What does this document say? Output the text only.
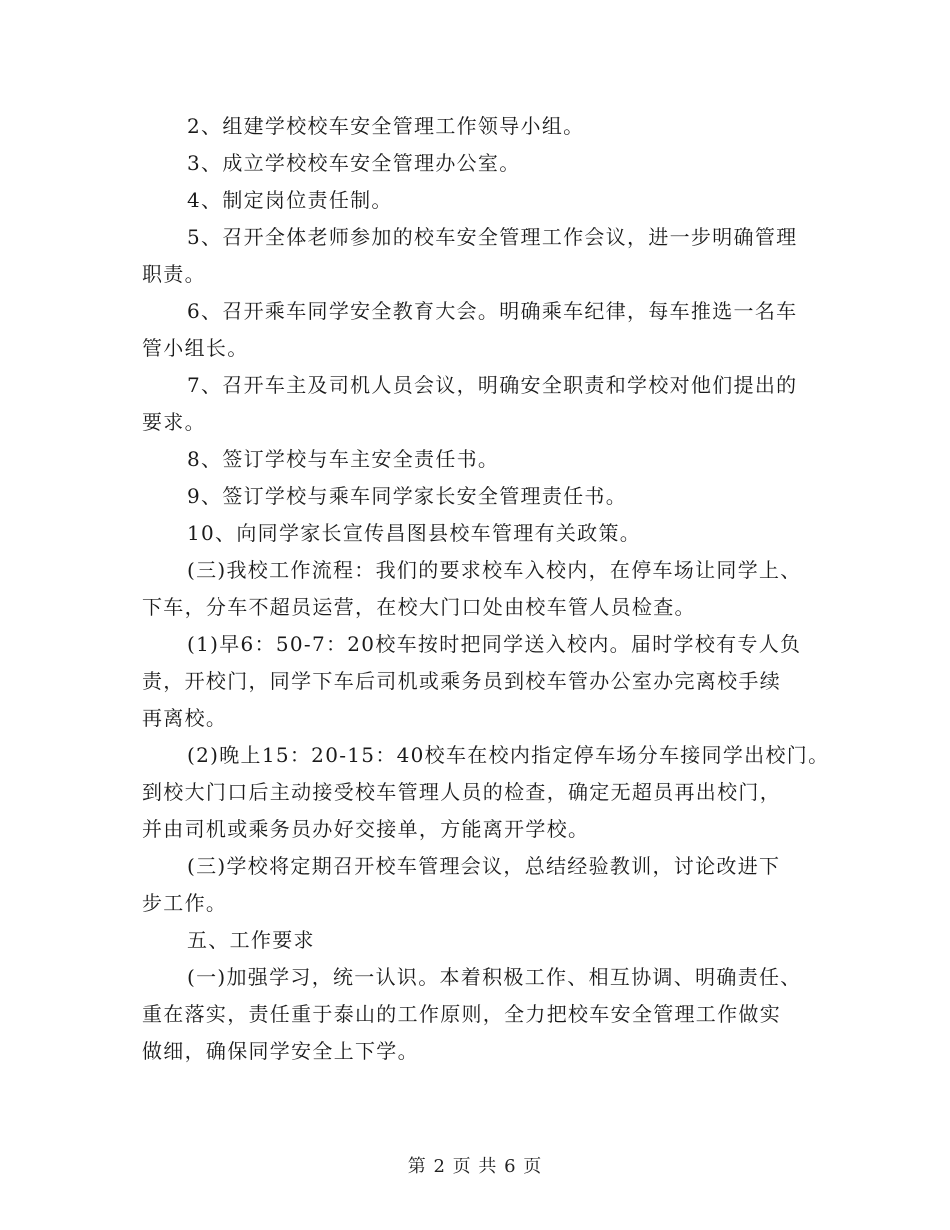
2、组建学校校车安全管理工作领导小组。

3、成立学校校车安全管理办公室。

4、制定岗位责任制。

5、召开全体老师参加的校车安全管理工作会议，进一步明确管理
职责。

6、召开乘车同学安全教育大会。明确乘车纪律，每车推选一名车
管小组长。

7、召开车主及司机人员会议，明确安全职责和学校对他们提出的
要求。

8、签订学校与车主安全责任书。

9、签订学校与乘车同学家长安全管理责任书。

10、向同学家长宣传昌图县校车管理有关政策。

(三)我校工作流程：我们的要求校车入校内，在停车场让同学上、
下车，分车不超员运营，在校大门口处由校车管人员检查。

(1)早6：50-7：20校车按时把同学送入校内。届时学校有专人负
责，开校门，同学下车后司机或乘务员到校车管办公室办完离校手续
再离校。

(2)晚上15：20-15：40校车在校内指定停车场分车接同学出校门。
到校大门口后主动接受校车管理人员的检查，确定无超员再出校门，
并由司机或乘务员办好交接单，方能离开学校。

(三)学校将定期召开校车管理会议，总结经验教训，讨论改进下
步工作。

五、工作要求

(一)加强学习，统一认识。本着积极工作、相互协调、明确责任、
重在落实，责任重于泰山的工作原则，全力把校车安全管理工作做实
做细，确保同学安全上下学。

第 2 页 共 6 页
